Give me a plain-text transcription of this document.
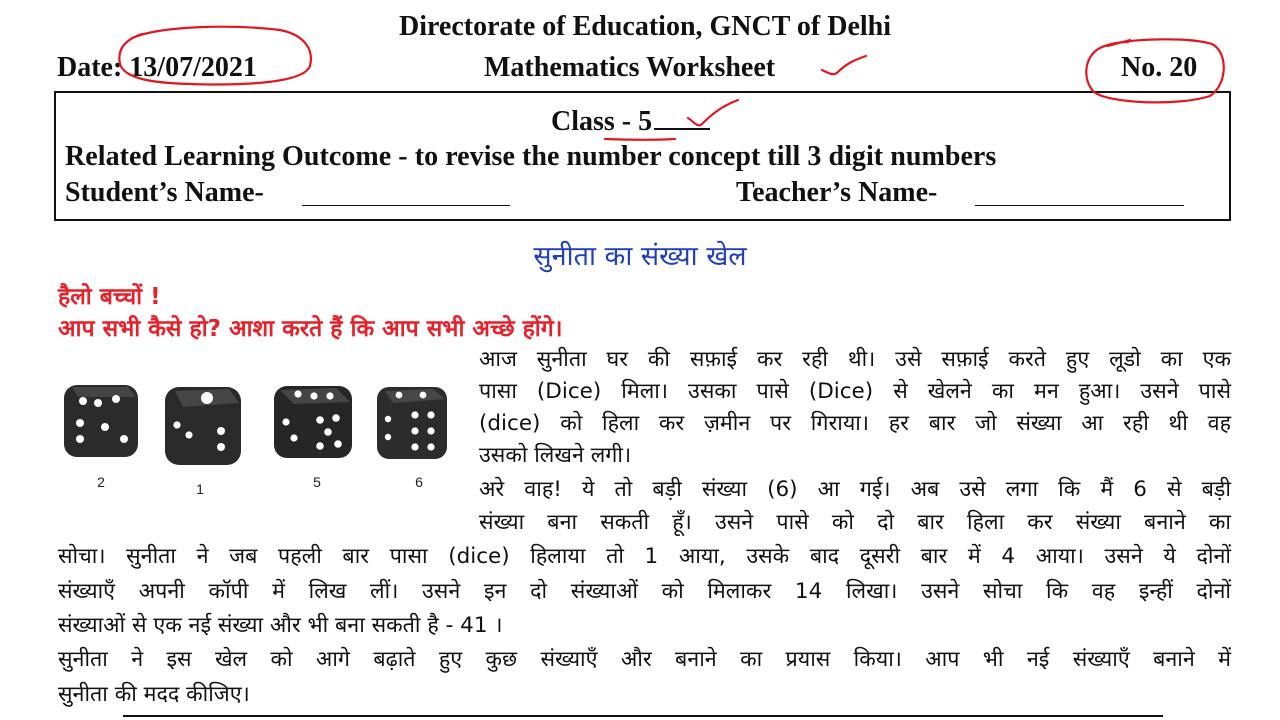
Directorate of Education, GNCT of Delhi
Date: 13/07/2021	Mathematics Worksheet	No. 20
Class - 5
Related Learning Outcome - to revise the number concept till 3 digit numbers
Student’s Name-	Teacher’s Name-
सुनीता का संख्या खेल
हैलो बच्चों !
आप सभी कैसे हो? आशा करते हैं कि आप सभी अच्छे होंगे।
2	1	5	6
आज सुनीता घर की सफ़ाई कर रही थी। उसे सफ़ाई करते हुए लूडो का एक
पासा (Dice) मिला। उसका पासे (Dice) से खेलने का मन हुआ। उसने पासे
(dice) को हिला कर ज़मीन पर गिराया। हर बार जो संख्या आ रही थी वह
उसको लिखने लगी।
अरे वाह! ये तो बड़ी संख्या (6) आ गई। अब उसे लगा कि मैं 6 से बड़ी
संख्या बना सकती हूँ। उसने पासे को दो बार हिला कर संख्या बनाने का
सोचा। सुनीता ने जब पहली बार पासा (dice) हिलाया तो 1 आया, उसके बाद दूसरी बार में 4 आया। उसने ये दोनों
संख्याएँ अपनी कॉपी में लिख लीं। उसने इन दो संख्याओं को मिलाकर 14 लिखा। उसने सोचा कि वह इन्हीं दोनों
संख्याओं से एक नई संख्या और भी बना सकती है - 41 ।
सुनीता ने इस खेल को आगे बढ़ाते हुए कुछ संख्याएँ और बनाने का प्रयास किया। आप भी नई संख्याएँ बनाने में
सुनीता की मदद कीजिए।
